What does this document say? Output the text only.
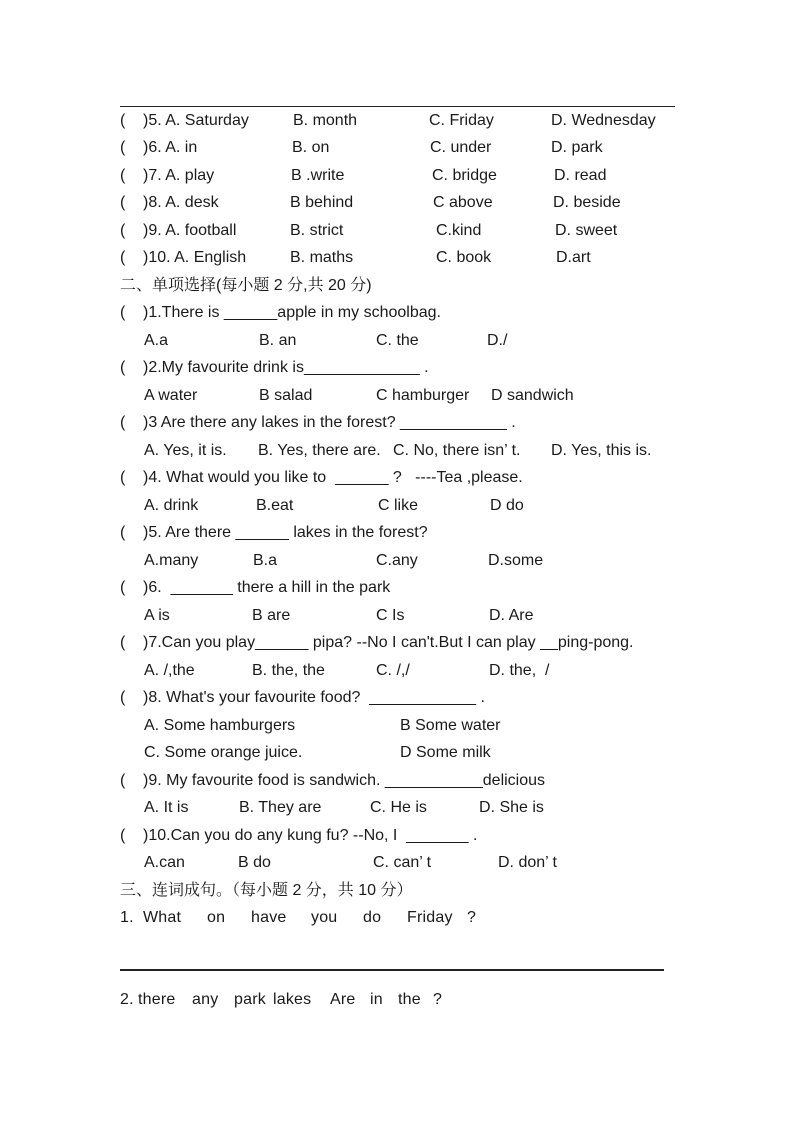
( )5. A. Saturday	B. month	C. Friday	D. Wednesday
( )6. A. in	B. on	C. under	D. park
( )7. A. play	B .write	C. bridge	D. read
( )8. A. desk	B behind	C above	D. beside
( )9. A. football	B. strict	C.kind	D. sweet
( )10. A. English	B. maths	C. book	D.art
二、单项选择(每小题 2 分,共 20 分)
( )1.There is ______apple in my schoolbag.
A.a	B. an	C. the	D./
( )2.My favourite drink is_____________ .
A water	B salad	C hamburger D sandwich
( )3 Are there any lakes in the forest? ____________ .
A. Yes, it is. B. Yes, there are. C. No, there isn’ t. D. Yes, this is.
( )4. What would you like to  ______ ?   ----Tea ,please.
A. drink	B.eat	C like	D do
( )5. Are there ______ lakes in the forest?
A.many	B.a	C.any	D.some
( )6.  _______ there a hill in the park
A is	B are	C Is	D. Are
( )7.Can you play______ pipa? --No I can't.But I can play __ping-pong.
A. /,the	B. the, the	C. /,/	D. the,  /
( )8. What's your favourite food?  ____________ .
A. Some hamburgers	B Some water
C. Some orange juice.	D Some milk
( )9. My favourite food is sandwich. ___________delicious
A. It is	B. They are	C. He is	D. She is
( )10.Can you do any kung fu? --No, I  _______ .
A.can	B do	C. can’ t	D. don’ t
三、连词成句。（每小题 2 分，共 10 分）
1. What on have you do Friday ?
2. there any park lakes Are in the ?
